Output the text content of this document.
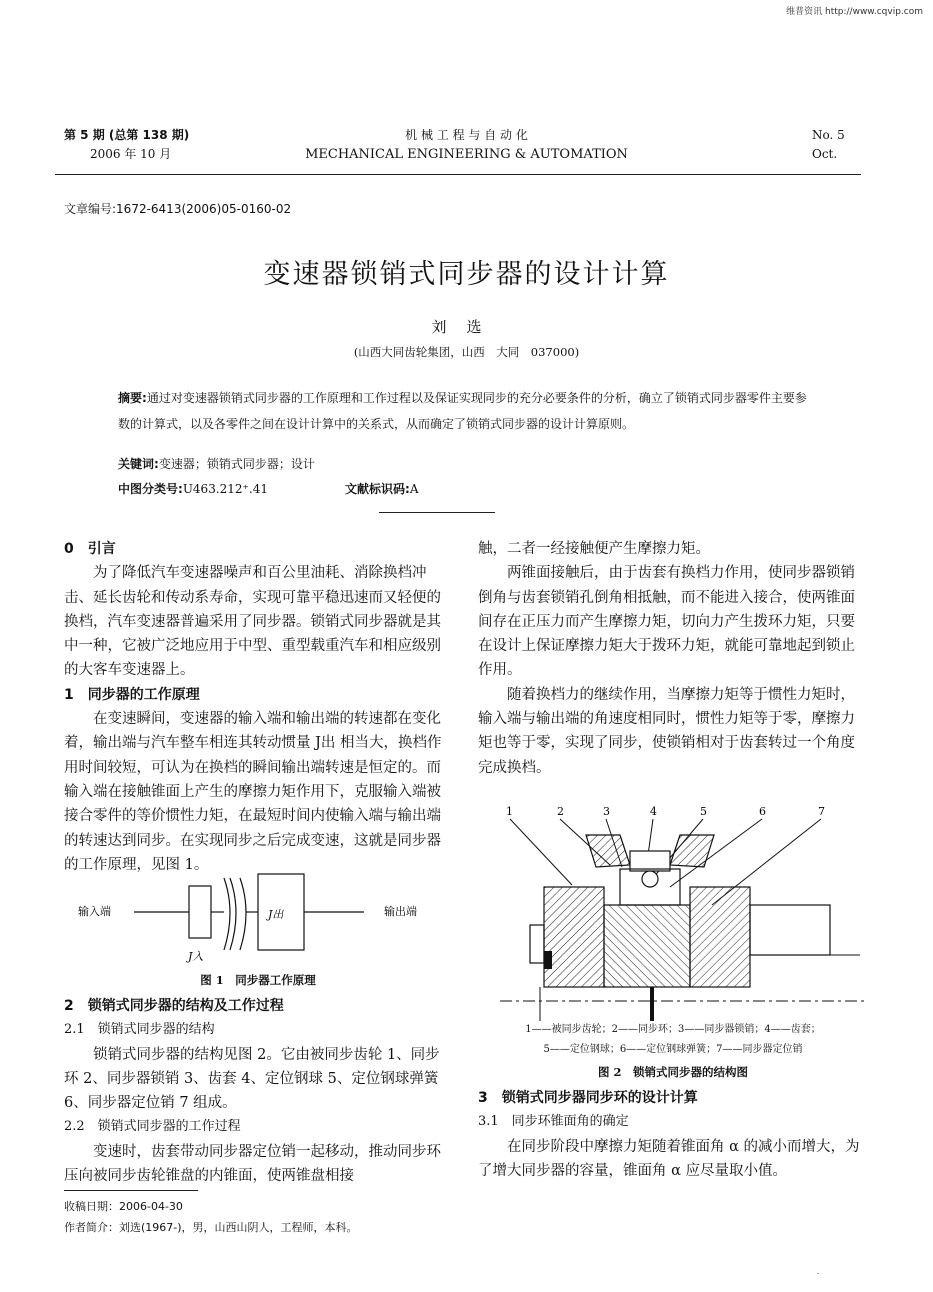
维普资讯 http://www.cqvip.com
第 5 期 (总第 138 期)
2006 年 10 月
机 械 工 程 与 自 动 化
MECHANICAL ENGINEERING & AUTOMATION
No. 5
Oct.
文章编号:1672-6413(2006)05-0160-02
变速器锁销式同步器的设计计算
刘选
(山西大同齿轮集团，山西　大同　037000)
摘要:通过对变速器锁销式同步器的工作原理和工作过程以及保证实现同步的充分必要条件的分析，确立了锁销式同步器零件主要参数的计算式，以及各零件之间在设计计算中的关系式，从而确定了锁销式同步器的设计计算原则。
关键词:变速器；锁销式同步器；设计
中图分类号:U463.212⁺.41	文献标识码:A
0　引言

为了降低汽车变速器噪声和百公里油耗、消除换档冲击、延长齿轮和传动系寿命，实现可靠平稳迅速而又轻便的换档，汽车变速器普遍采用了同步器。锁销式同步器就是其中一种，它被广泛地应用于中型、重型载重汽车和相应级别的大客车变速器上。

1　同步器的工作原理

在变速瞬间，变速器的输入端和输出端的转速都在变化着，输出端与汽车整车相连其转动惯量 J出 相当大，换档作用时间较短，可认为在换档的瞬间输出端转速是恒定的。而输入端在接触锥面上产生的摩擦力矩作用下，克服输入端被接合零件的等价惯性力矩，在最短时间内使输入端与输出端的转速达到同步。在实现同步之后完成变速，这就是同步器的工作原理，见图 1。

输入端	输出端
J出
J入
图 1　同步器工作原理
2　锁销式同步器的结构及工作过程
2.1　锁销式同步器的结构

锁销式同步器的结构见图 2。它由被同步齿轮 1、同步环 2、同步器锁销 3、齿套 4、定位钢球 5、定位钢球弹簧 6、同步器定位销 7 组成。

2.2　锁销式同步器的工作过程

变速时，齿套带动同步器定位销一起移动，推动同步环压向被同步齿轮锥盘的内锥面，使两锥盘相接

触，二者一经接触便产生摩擦力矩。

两锥面接触后，由于齿套有换档力作用，使同步器锁销倒角与齿套锁销孔倒角相抵触，而不能进入接合，使两锥面间存在正压力而产生摩擦力矩，切向力产生拨环力矩，只要在设计上保证摩擦力矩大于拨环力矩，就能可靠地起到锁止作用。

随着换档力的继续作用，当摩擦力矩等于惯性力矩时，输入端与输出端的角速度相同时，惯性力矩等于零，摩擦力矩也等于零，实现了同步，使锁销相对于齿套转过一个角度完成换档。

1	2	3	4	5	6	7
1——被同步齿轮；2——同步环；3——同步器锁销；4——齿套；
5——定位钢球；6——定位钢球弹簧；7——同步器定位销
图 2　锁销式同步器的结构图
3　锁销式同步器同步环的设计计算
3.1　同步环锥面角的确定

在同步阶段中摩擦力矩随着锥面角 α 的减小而增大，为了增大同步器的容量，锥面角 α 应尽量取小值。

收稿日期：2006-04-30
作者简介：刘选(1967-)，男，山西山阴人，工程师，本科。
·
